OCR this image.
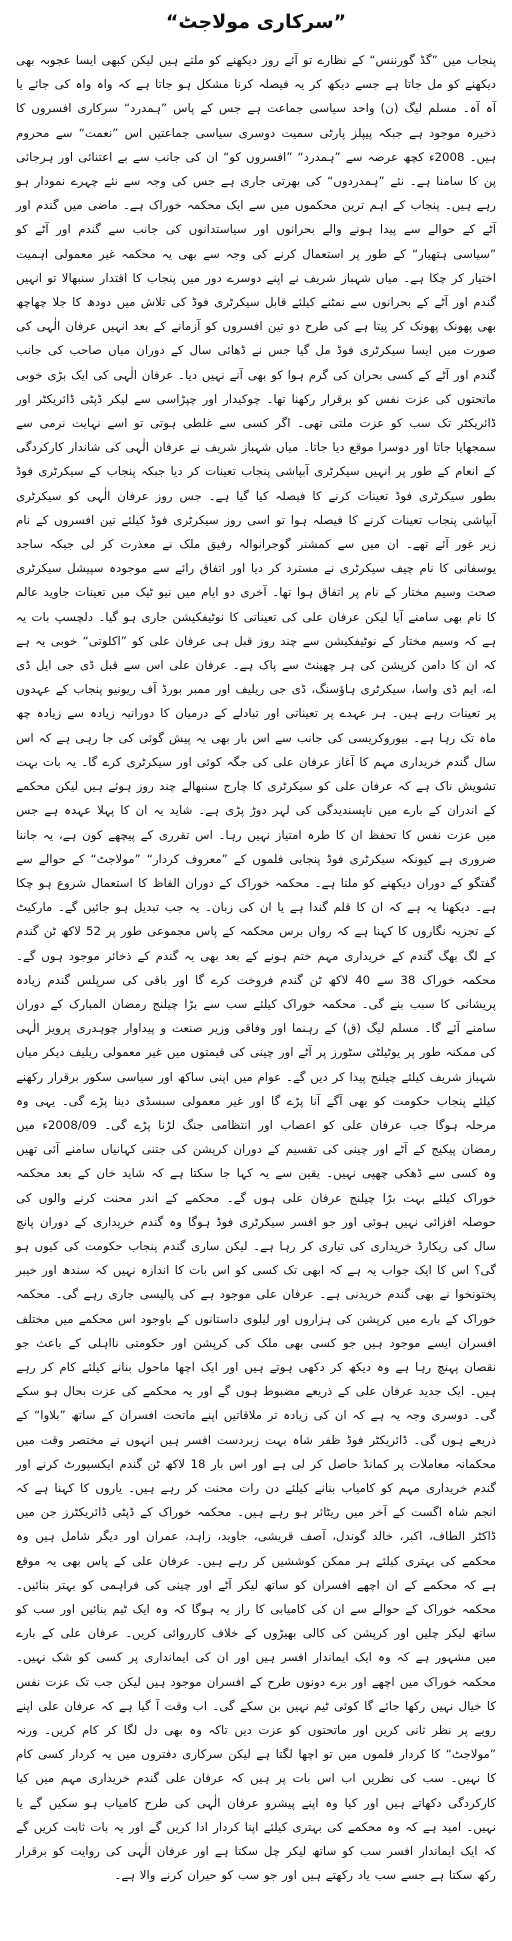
”سرکاری مولاجٹ“

پنجاب میں ”گڈ گورننس“ کے نظارے تو آئے روز دیکھنے کو ملتے ہیں لیکن کبھی ایسا عجوبہ بھی دیکھنے کو مل جاتا ہے جسے دیکھ کر یہ فیصلہ کرنا مشکل ہو جاتا ہے کہ واہ واہ کی جائے یا آہ آہ۔ مسلم لیگ (ن) واحد سیاسی جماعت ہے جس کے پاس ”ہمدرد“ سرکاری افسروں کا ذخیرہ موجود ہے جبکہ پیپلز پارٹی سمیت دوسری سیاسی جماعتیں اس ”نعمت“ سے محروم ہیں۔ 2008ء کچھ عرصہ سے ”ہمدرد“ ”افسروں کو“ ان کی جانب سے بے اعتنائی اور ہرجائی پن کا سامنا ہے۔ نئے ”ہمدردوں“ کی بھرتی جاری ہے جس کی وجہ سے نئے چہرے نمودار ہو رہے ہیں۔ پنجاب کے اہم ترین محکموں میں سے ایک محکمہ خوراک ہے۔ ماضی میں گندم اور آٹے کے حوالے سے پیدا ہونے والے بحرانوں اور سیاستدانوں کی جانب سے گندم اور آٹے کو ”سیاسی ہتھیار“ کے طور پر استعمال کرنے کی وجہ سے بھی یہ محکمہ غیر معمولی اہمیت اختیار کر چکا ہے۔ میاں شہباز شریف نے اپنے دوسرے دور میں پنجاب کا اقتدار سنبھالا تو انہیں گندم اور آٹے کے بحرانوں سے نمٹنے کیلئے قابل سیکرٹری فوڈ کی تلاش میں دودھ کا جلا چھاچھ بھی پھونک پھونک کر پیتا ہے کی طرح دو تین افسروں کو آزمانے کے بعد انہیں عرفان الٰہی کی صورت میں ایسا سیکرٹری فوڈ مل گیا جس نے ڈھائی سال کے دوران میاں صاحب کی جانب گندم اور آٹے کے کسی بحران کی گرم ہوا کو بھی آنے نہیں دیا۔ عرفان الٰہی کی ایک بڑی خوبی ماتحتوں کی عزت نفس کو برقرار رکھنا تھا۔ چوکیدار اور چپڑاسی سے لیکر ڈپٹی ڈائریکٹر اور ڈائریکٹر تک سب کو عزت ملتی تھی۔ اگر کسی سے غلطی ہوتی تو اسے نہایت نرمی سے سمجھایا جاتا اور دوسرا موقع دیا جاتا۔ میاں شہباز شریف نے عرفان الٰہی کی شاندار کارکردگی کے انعام کے طور پر انہیں سیکرٹری آبپاشی پنجاب تعینات کر دیا جبکہ پنجاب کے سیکرٹری فوڈ بطور سیکرٹری فوڈ تعینات کرنے کا فیصلہ کیا گیا ہے۔ جس روز عرفان الٰہی کو سیکرٹری آبپاشی پنجاب تعینات کرنے کا فیصلہ ہوا تو اسی روز سیکرٹری فوڈ کیلئے تین افسروں کے نام زیر غور آئے تھے۔ ان میں سے کمشنر گوجرانوالہ رفیق ملک نے معذرت کر لی جبکہ ساجد یوسفانی کا نام چیف سیکرٹری نے مسترد کر دیا اور اتفاق رائے سے موجودہ سپیشل سیکرٹری صحت وسیم مختار کے نام پر اتفاق ہوا تھا۔ آخری دو ایام میں نیو ٹیک میں تعینات جاوید عالم کا نام بھی سامنے آیا لیکن عرفان علی کی تعیناتی کا نوٹیفکیشن جاری ہو گیا۔ دلچسپ بات یہ ہے کہ وسیم مختار کے نوٹیفکیشن سے چند روز قبل ہی عرفان علی کو ”اکلوتی“ خوبی یہ ہے کہ ان کا دامن کرپشن کی ہر چھینٹ سے پاک ہے۔ عرفان علی اس سے قبل ڈی جی ایل ڈی اے، ایم ڈی واسا، سیکرٹری ہاؤسنگ، ڈی جی ریلیف اور ممبر بورڈ آف ریونیو پنجاب کے عہدوں پر تعینات رہے ہیں۔ ہر عہدے پر تعیناتی اور تبادلے کے درمیان کا دورانیہ زیادہ سے زیادہ چھ ماہ تک رہا ہے۔ بیوروکریسی کی جانب سے اس بار بھی یہ پیش گوئی کی جا رہی ہے کہ اس سال گندم خریداری مہم کا آغاز عرفان علی کی جگہ کوئی اور سیکرٹری کرے گا۔ یہ بات بہت تشویش ناک ہے کہ عرفان علی کو سیکرٹری کا چارج سنبھالے چند روز ہوئے ہیں لیکن محکمے کے اندران کے بارے میں ناپسندیدگی کی لہر دوڑ پڑی ہے۔ شاید یہ ان کا پہلا عہدہ ہے جس میں عزت نفس کا تحفظ ان کا طرہ امتیاز نہیں رہا۔ اس تقرری کے پیچھے کون ہے، یہ جاننا ضروری ہے کیونکہ سیکرٹری فوڈ پنجابی فلموں کے ”معروف کردار“ ”مولاجٹ“ کے حوالے سے گفتگو کے دوران دیکھنے کو ملتا ہے۔ محکمہ خوراک کے دوران الفاظ کا استعمال شروع ہو چکا ہے۔ دیکھنا یہ ہے کہ ان کا قلم گندا ہے یا ان کی زبان۔ یہ جب تبدیل ہو جائیں گے۔ مارکیٹ کے تجزیہ نگاروں کا کہنا ہے کہ رواں برس محکمہ کے پاس مجموعی طور پر 52 لاکھ ٹن گندم کے لگ بھگ گندم کے خریداری مہم ختم ہونے کے بعد بھی یہ گندم کے ذخائر موجود ہوں گے۔ محکمہ خوراک 38 سے 40 لاکھ ٹن گندم فروخت کرے گا اور باقی کی سرپلس گندم زیادہ پریشانی کا سبب بنے گی۔ محکمہ خوراک کیلئے سب سے بڑا چیلنج رمضان المبارک کے دوران سامنے آئے گا۔ مسلم لیگ (ق) کے رہنما اور وفاقی وزیر صنعت و پیداوار چوہدری پرویز الٰہی کی ممکنہ طور پر یوٹیلٹی سٹورز پر آٹے اور چینی کی قیمتوں میں غیر معمولی ریلیف دیکر میاں شہباز شریف کیلئے چیلنج پیدا کر دیں گے۔ عوام میں اپنی ساکھ اور سیاسی سکور برقرار رکھنے کیلئے پنجاب حکومت کو بھی آگے آنا پڑے گا اور غیر معمولی سبسڈی دینا پڑے گی۔ یہی وہ مرحلہ ہوگا جب عرفان علی کو اعصاب اور انتظامی جنگ لڑنا پڑے گی۔ 2008/09ء میں رمضان پیکیج کے آٹے اور چینی کی تقسیم کے دوران کرپشن کی جتنی کہانیاں سامنے آئی تھیں وہ کسی سے ڈھکی چھپی نہیں۔ یقین سے یہ کہا جا سکتا ہے کہ شاید خان کے بعد محکمہ خوراک کیلئے بہت بڑا چیلنج عرفان علی ہوں گے۔ محکمے کے اندر محنت کرنے والوں کی حوصلہ افزائی نہیں ہوئی اور جو افسر سیکرٹری فوڈ ہوگا وہ گندم خریداری کے دوران پانچ سال کی ریکارڈ خریداری کی تیاری کر رہا ہے۔ لیکن ساری گندم پنجاب حکومت کی کیوں ہو گی؟ اس کا ایک جواب یہ ہے کہ ابھی تک کسی کو اس بات کا اندازہ نہیں کہ سندھ اور خیبر پختونخوا نے بھی گندم خریدنی ہے۔ عرفان علی موجود ہے کی پالیسی جاری رہے گی۔ محکمہ خوراک کے بارے میں کرپشن کی ہزاروں اور لیلوی داستانوں کے باوجود اس محکمے میں مختلف افسران ایسے موجود ہیں جو کسی بھی ملک کی کرپشن اور حکومتی نااہلی کے باعث جو نقصان پہنچ رہا ہے وہ دیکھ کر دکھی ہوتے ہیں اور ایک اچھا ماحول بنانے کیلئے کام کر رہے ہیں۔ ایک جدید عرفان علی کے ذریعے مضبوط ہوں گے اور یہ محکمے کی عزت بحال ہو سکے گی۔ دوسری وجہ یہ ہے کہ ان کی زیادہ تر ملاقاتیں اپنے ماتحت افسران کے ساتھ ”بلاوا“ کے ذریعے ہوں گی۔ ڈائریکٹر فوڈ ظفر شاہ بہت زبردست افسر ہیں انہوں نے مختصر وقت میں محکمانہ معاملات پر کمانڈ حاصل کر لی ہے اور اس بار 18 لاکھ ٹن گندم ایکسپورٹ کرنے اور گندم خریداری مہم کو کامیاب بنانے کیلئے دن رات محنت کر رہے ہیں۔ یاروں کا کہنا ہے کہ انجم شاہ اگست کے آخر میں ریٹائر ہو رہے ہیں۔ محکمہ خوراک کے ڈپٹی ڈائریکٹرز جن میں ڈاکٹر الطاف، اکبر، خالد گوندل، آصف قریشی، جاوید، زاہد، عمران اور دیگر شامل ہیں وہ محکمے کی بہتری کیلئے ہر ممکن کوششیں کر رہے ہیں۔ عرفان علی کے پاس بھی یہ موقع ہے کہ محکمے کے ان اچھے افسران کو ساتھ لیکر آٹے اور چینی کی فراہمی کو بہتر بنائیں۔ محکمہ خوراک کے حوالے سے ان کی کامیابی کا راز یہ ہوگا کہ وہ ایک ٹیم بنائیں اور سب کو ساتھ لیکر چلیں اور کرپشن کی کالی بھیڑوں کے خلاف کارروائی کریں۔ عرفان علی کے بارے میں مشہور ہے کہ وہ ایک ایماندار افسر ہیں اور ان کی ایمانداری پر کسی کو شک نہیں۔ محکمہ خوراک میں اچھے اور برے دونوں طرح کے افسران موجود ہیں لیکن جب تک عزت نفس کا خیال نہیں رکھا جائے گا کوئی ٹیم نہیں بن سکے گی۔ اب وقت آ گیا ہے کہ عرفان علی اپنے رویے پر نظر ثانی کریں اور ماتحتوں کو عزت دیں تاکہ وہ بھی دل لگا کر کام کریں۔ ورنہ ”مولاجٹ“ کا کردار فلموں میں تو اچھا لگتا ہے لیکن سرکاری دفتروں میں یہ کردار کسی کام کا نہیں۔ سب کی نظریں اب اس بات پر ہیں کہ عرفان علی گندم خریداری مہم میں کیا کارکردگی دکھاتے ہیں اور کیا وہ اپنے پیشرو عرفان الٰہی کی طرح کامیاب ہو سکیں گے یا نہیں۔ امید ہے کہ وہ محکمے کی بہتری کیلئے اپنا کردار ادا کریں گے اور یہ بات ثابت کریں گے کہ ایک ایماندار افسر سب کو ساتھ لیکر چل سکتا ہے اور عرفان الٰہی کی روایت کو برقرار رکھ سکتا ہے جسے سب یاد رکھتے ہیں اور جو سب کو حیران کرنے والا ہے۔
